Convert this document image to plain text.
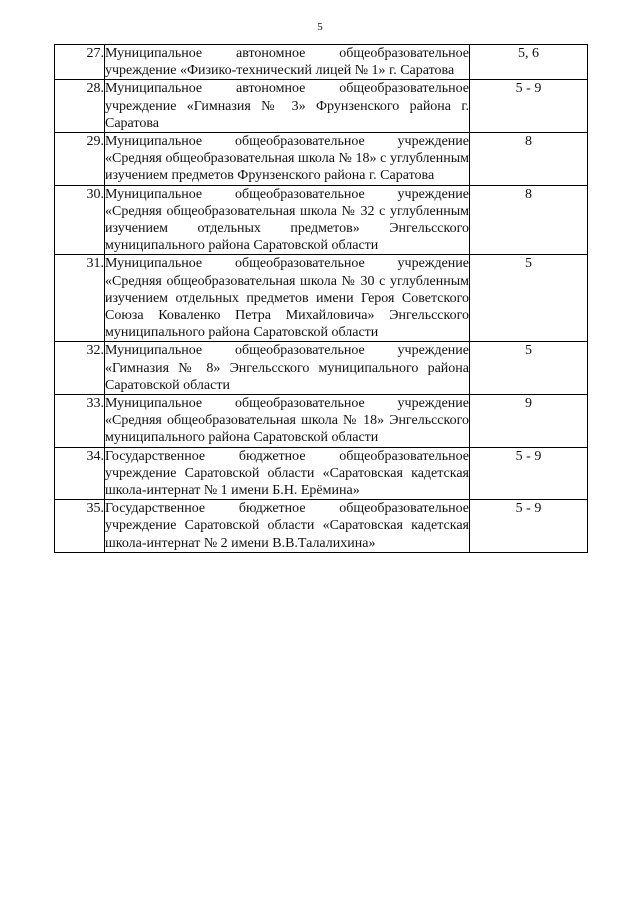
5
27.	Муниципальное автономное общеобразовательное учреждение «Физико-технический лицей № 1» г. Саратова	5, 6
28.	Муниципальное автономное общеобразовательное учреждение «Гимназия № 3» Фрунзенского района г. Саратова	5 - 9
29.	Муниципальное общеобразовательное учреждение «Средняя общеобразовательная школа № 18» с углубленным изучением предметов Фрунзенского района г. Саратова	8
30.	Муниципальное общеобразовательное учреждение «Средняя общеобразовательная школа № 32 с углубленным изучением отдельных предметов» Энгельсского муниципального района Саратовской области	8
31.	Муниципальное общеобразовательное учреждение «Средняя общеобразовательная школа № 30 с углубленным изучением отдельных предметов имени Героя Советского Союза Коваленко Петра Михайловича» Энгельсского муниципального района Саратовской области	5
32.	Муниципальное общеобразовательное учреждение «Гимназия № 8» Энгельсского муниципального района Саратовской области	5
33.	Муниципальное общеобразовательное учреждение «Средняя общеобразовательная школа № 18» Энгельсского муниципального района Саратовской области	9
34.	Государственное бюджетное общеобразовательное учреждение Саратовской области «Саратовская кадетская школа-интернат № 1 имени Б.Н. Ерёмина»	5 - 9
35.	Государственное бюджетное общеобразовательное учреждение Саратовской области «Саратовская кадетская школа-интернат № 2 имени В.В.Талалихина»	5 - 9
